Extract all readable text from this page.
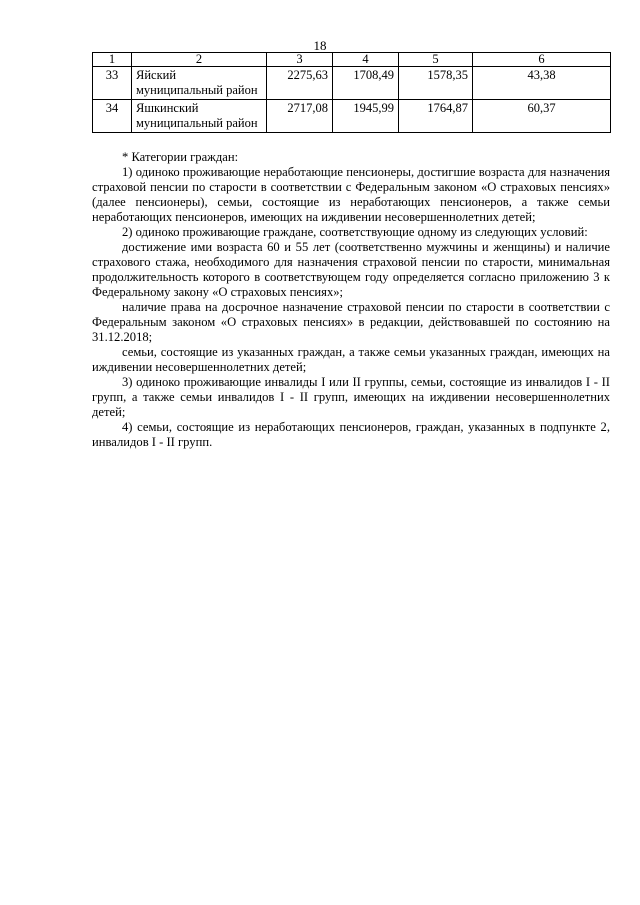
18
1	2	3	4	5	6
33	Яйский муниципальный район	2275,63	1708,49	1578,35	43,38
34	Яшкинский муниципальный район	2717,08	1945,99	1764,87	60,37

* Категории граждан:

1) одиноко проживающие неработающие пенсионеры, достигшие возраста для назначения страховой пенсии по старости в соответствии с Федеральным законом «О страховых пенсиях» (далее пенсионеры), семьи, состоящие из неработающих пенсионеров, а также семьи неработающих пенсионеров, имеющих на иждивении несовершеннолетних детей;

2) одиноко проживающие граждане, соответствующие одному из следующих условий:

достижение ими возраста 60 и 55 лет (соответственно мужчины и женщины) и наличие страхового стажа, необходимого для назначения страховой пенсии по старости, минимальная продолжительность которого в соответствующем году определяется согласно приложению 3 к Федеральному закону «О страховых пенсиях»;

наличие права на досрочное назначение страховой пенсии по старости в соответствии с Федеральным законом «О страховых пенсиях» в редакции, действовавшей по состоянию на 31.12.2018;

семьи, состоящие из указанных граждан, а также семьи указанных граждан, имеющих на иждивении несовершеннолетних детей;

3) одиноко проживающие инвалиды I или II группы, семьи, состоящие из инвалидов I - II групп, а также семьи инвалидов I - II групп, имеющих на иждивении несовершеннолетних детей;

4) семьи, состоящие из неработающих пенсионеров, граждан, указанных в подпункте 2, инвалидов I - II групп.
